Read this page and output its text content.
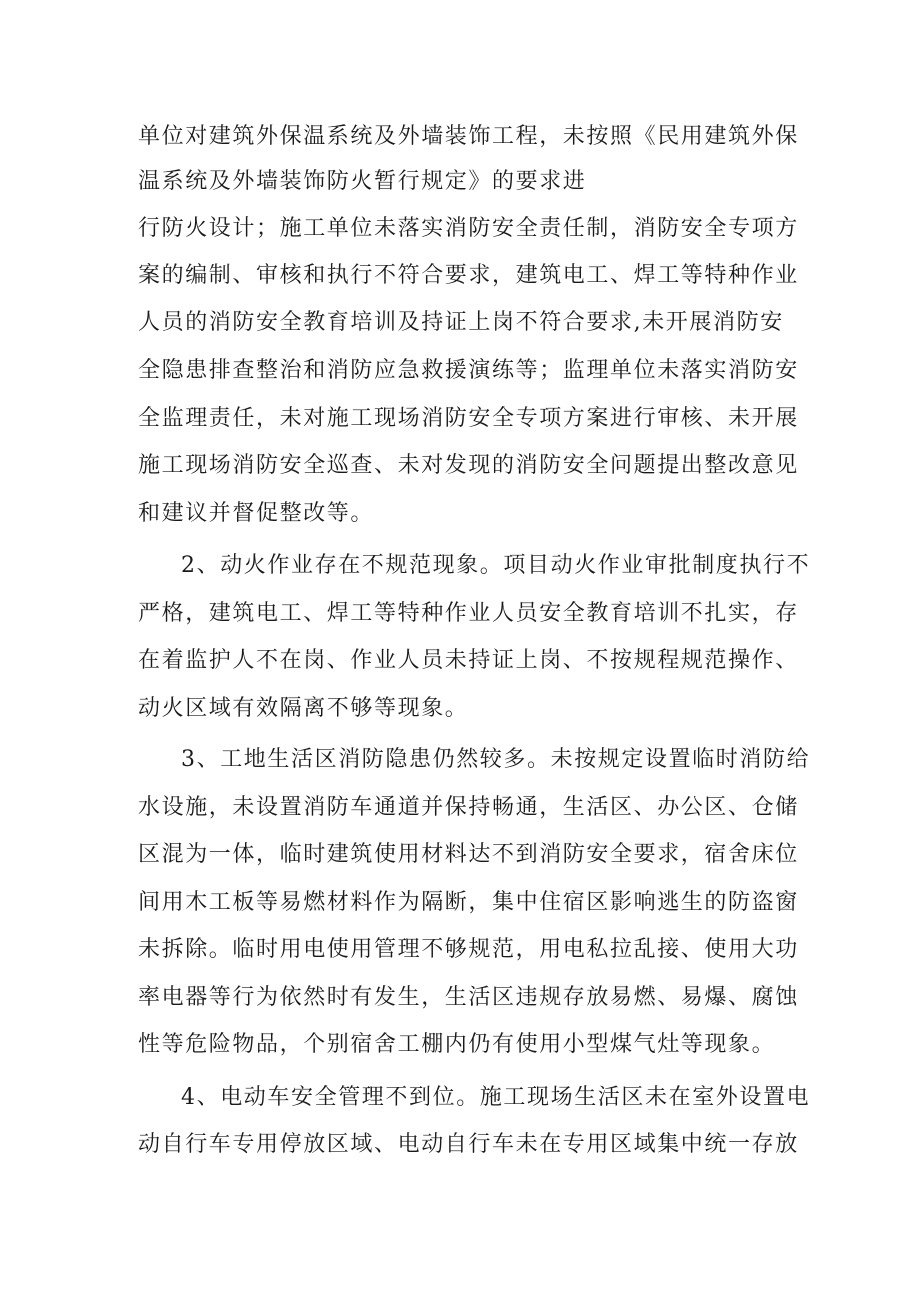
单位对建筑外保温系统及外墙装饰工程，未按照《民用建筑外保
温系统及外墙装饰防火暂行规定》的要求进
行防火设计；施工单位未落实消防安全责任制，消防安全专项方
案的编制、审核和执行不符合要求，建筑电工、焊工等特种作业
人员的消防安全教育培训及持证上岗不符合要求,未开展消防安
全隐患排查整治和消防应急救援演练等；监理单位未落实消防安
全监理责任，未对施工现场消防安全专项方案进行审核、未开展
施工现场消防安全巡查、未对发现的消防安全问题提出整改意见
和建议并督促整改等。
2、动火作业存在不规范现象。项目动火作业审批制度执行不
严格，建筑电工、焊工等特种作业人员安全教育培训不扎实，存
在着监护人不在岗、作业人员未持证上岗、不按规程规范操作、
动火区域有效隔离不够等现象。
3、工地生活区消防隐患仍然较多。未按规定设置临时消防给
水设施，未设置消防车通道并保持畅通，生活区、办公区、仓储
区混为一体，临时建筑使用材料达不到消防安全要求，宿舍床位
间用木工板等易燃材料作为隔断，集中住宿区影响逃生的防盗窗
未拆除。临时用电使用管理不够规范，用电私拉乱接、使用大功
率电器等行为依然时有发生，生活区违规存放易燃、易爆、腐蚀
性等危险物品，个别宿舍工棚内仍有使用小型煤气灶等现象。
4、电动车安全管理不到位。施工现场生活区未在室外设置电
动自行车专用停放区域、电动自行车未在专用区域集中统一存放
